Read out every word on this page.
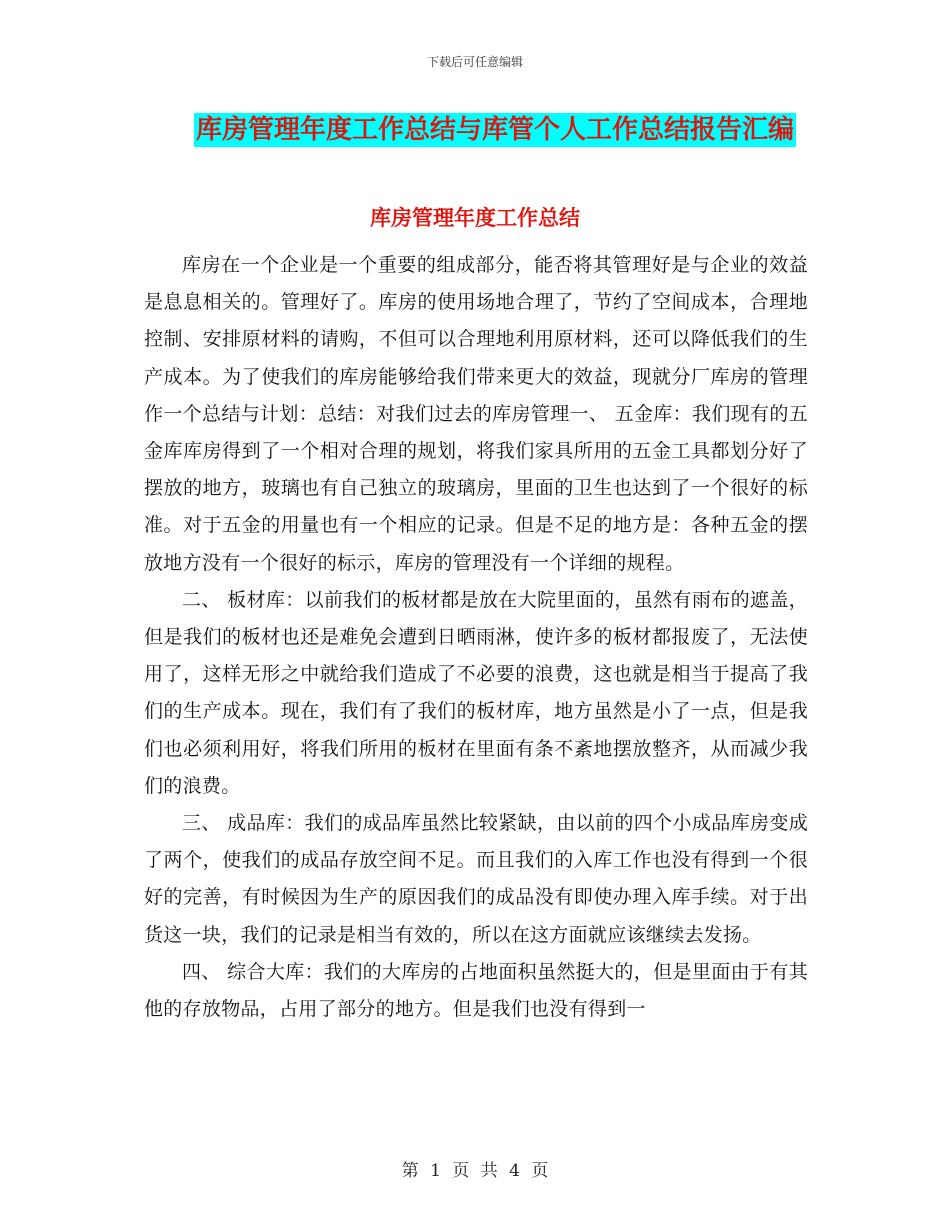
下载后可任意编辑
库房管理年度工作总结与库管个人工作总结报告汇编
库房管理年度工作总结

库房在一个企业是一个重要的组成部分，能否将其管理好是与企业的效益是息息相关的。管理好了。库房的使用场地合理了，节约了空间成本，合理地控制、安排原材料的请购，不但可以合理地利用原材料，还可以降低我们的生产成本。为了使我们的库房能够给我们带来更大的效益，现就分厂库房的管理作一个总结与计划：总结：对我们过去的库房管理一、 五金库：我们现有的五金库库房得到了一个相对合理的规划，将我们家具所用的五金工具都划分好了摆放的地方，玻璃也有自己独立的玻璃房，里面的卫生也达到了一个很好的标准。对于五金的用量也有一个相应的记录。但是不足的地方是：各种五金的摆放地方没有一个很好的标示，库房的管理没有一个详细的规程。

二、 板材库：以前我们的板材都是放在大院里面的，虽然有雨布的遮盖，但是我们的板材也还是难免会遭到日晒雨淋，使许多的板材都报废了，无法使用了，这样无形之中就给我们造成了不必要的浪费，这也就是相当于提高了我们的生产成本。现在，我们有了我们的板材库，地方虽然是小了一点，但是我们也必须利用好，将我们所用的板材在里面有条不紊地摆放整齐，从而减少我们的浪费。

三、 成品库：我们的成品库虽然比较紧缺，由以前的四个小成品库房变成了两个，使我们的成品存放空间不足。而且我们的入库工作也没有得到一个很好的完善，有时候因为生产的原因我们的成品没有即使办理入库手续。对于出货这一块，我们的记录是相当有效的，所以在这方面就应该继续去发扬。

四、 综合大库：我们的大库房的占地面积虽然挺大的，但是里面由于有其他的存放物品，占用了部分的地方。但是我们也没有得到一

第 1 页 共 4 页
